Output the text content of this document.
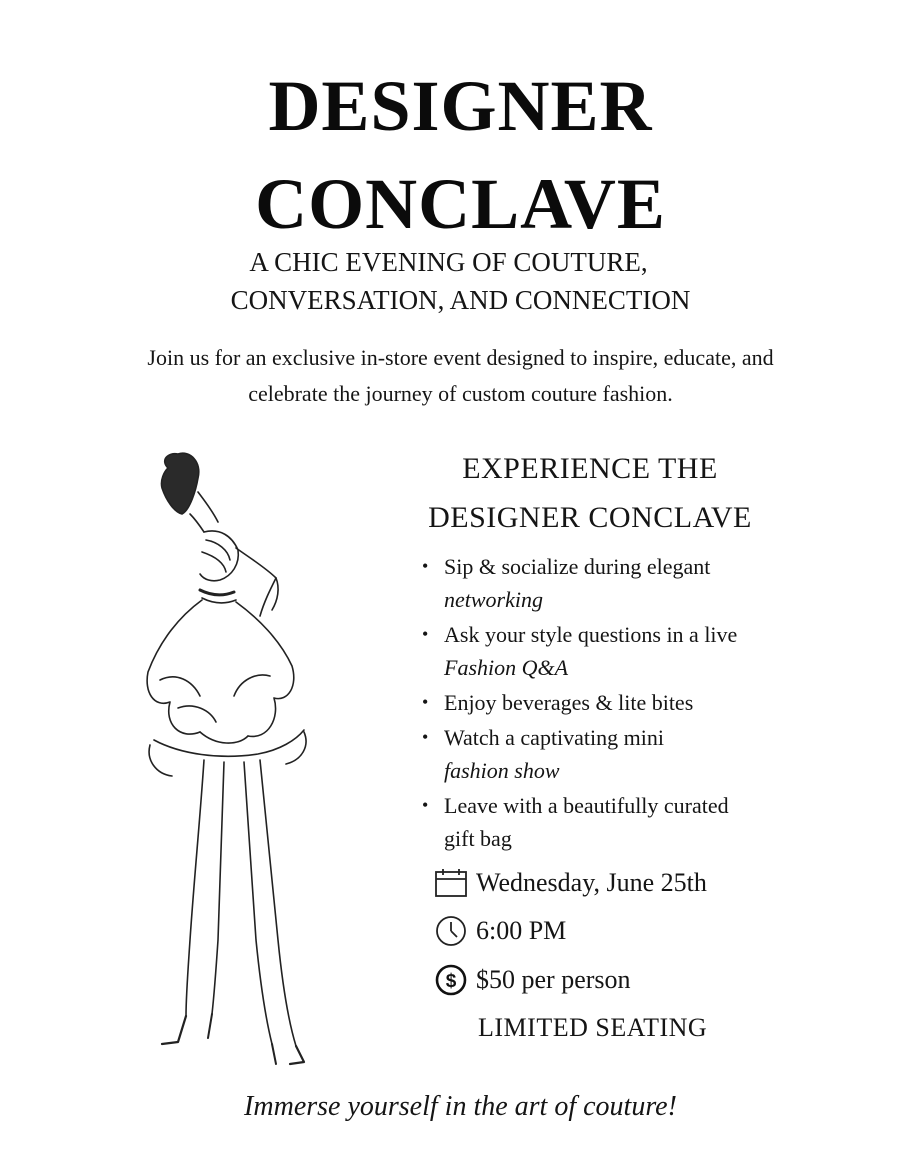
DESIGNER
CONCLAVE
A CHIC EVENING OF COUTURE,
CONVERSATION, AND CONNECTION
Join us for an exclusive in-store event designed to inspire, educate, and
celebrate the journey of custom couture fashion.
EXPERIENCE THE
DESIGNER CONCLAVE
• Sip & socialize during elegant
networking
• Ask your style questions in a live
Fashion Q&A
• Enjoy beverages & lite bites
• Watch a captivating mini
fashion show
• Leave with a beautifully curated
gift bag
Wednesday, June 25th
6:00 PM
$ $50 per person
LIMITED SEATING
Immerse yourself in the art of couture!
